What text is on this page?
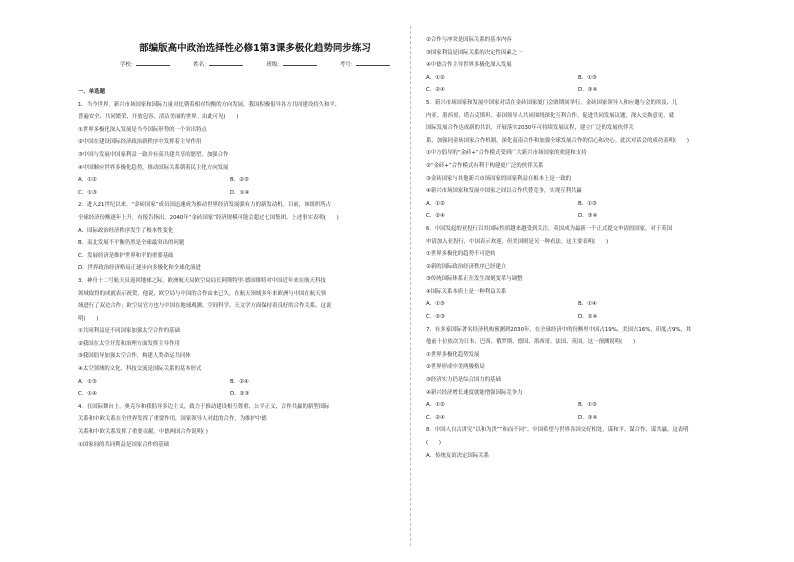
部编版高中政治选择性必修1第3课多极化趋势同步练习
学校：	姓名：	班级：	考号：
一、单选题
1．当今世界，新兴市场国家和国际力量对比朝着相对均衡的方向发展，我国积极倡导各方共同建设持久和平、
普遍安全、共同繁荣、开放包容、清洁美丽的世界。由此可见(　　)
①世界多极化深入发展是当今国际形势的一个突出特点
②中国在建设国际经济政治新秩序中发挥着主导作用
③中国与发展中国家利益一致并有高共建共享的愿望，加强合作
④中国顺应世界多极化趋势，推动国际关系朝着民主化方向发展
A．①②	B．②③
C．①③	D．①④
2．进入21世纪以来，“金砖国家”成员国迅速成为推动世界经济发展强有力的新发动机。目前，该组织所占
全球经济份额逐年上升。有报告指出，2040年“金砖国家”经济规模可能会超过七国集团。上述事实表明(　　)
A．国际政治经济秩序发生了根本性变化
B．南北发展不平衡仍然是全球最突出的问题
C．发展经济是维护世界和平的重要基础
D．世界政治经济格局正逐步向多极化和全球化演进
3．神舟十二号航天员返回地球之际，欧洲航天局欧空局局长阿斯特里·德国维特对中国近年来在航天科技
领域取得的成就表示祝贺，他说，欧空局与中国的合作由来已久，在航天领域多年来欧洲与中国在航天领
域进行了双边合作；欧空局官方也与中国在地球观测、空间科学、天文学方面保持着良好的合作关系。这说
明(　　)
①共同利益是不同国家加强太空合作的基础
②我国在太空开发和治理方面发挥主导作用
③我国倡导加强太空合作，构建人类命运共同体
④太空领域的文化、科技交流是国际关系的基本形式
A．①③	B．②④
C．①④	D．②③
4．在国际舞台上，奥克尔和我倡导多边主义，致力于推动建设相互尊重、公平正义、合作共赢的新型国际
关系和中欧关系在全世界发挥了重要作用，国家领导人对此的合作，为维护中德
关系和中欧关系发挥了重要贡献。中德两国合作说明( )
①国家间的共同利益是国家合作的基础
②合作与冲突是国际关系的基本内容
③国家利益是国际关系的决定性因素之一
④中德合作主导世界多极化深入发展
A．①②	B．①③
C．②④	D．③④
5．新兴市场国家和发展中国家对话在金砖国家厦门会晤期间举行。金砖国家领导人和应邀与会的埃及、几
内亚、墨西哥、塔吉克斯坦、泰国领导人共同围绕深化互利合作、促进共同发展议题，深入交换意见，就
国际发展合作达成新的共识，开展落实2030年可持续发展议程，建立广泛的发展伙伴关
系，加强同金砖国家合作机制，深化南南合作和加强全球发展合作的信心和决心。此次对话会的成功表明(　　)
①中方倡导的“金砖+”合作模式受到广大新兴市场国家的欢迎和支持
②“金砖+”合作模式有利于构建更广泛的伙伴关系
③金砖国家与其他新兴市场国家的国家利益在根本上是一致的
④新兴市场国家和发展中国家之间以合作代替竞争，实现互利共赢
A．①②	B．①③
C．②④	D．③④
6．中国发起的亚投行以其国际性质越来越受到关注，英国成为最新一个正式提交申请的国家。对于英国
申请加入亚投行，中国表示欢迎，但美国则是另一种看法。这主要表明(　　)
①世界多极化的趋势不可逆转
②新的国际政治经济秩序已经建立
③传统国际体系正在发生深刻变革与调整
④国际关系本质上是一种利益关系
A．①③	B．①④
C．②③	D．②④
7．有多家国际著名经济机构预测到2030年，在全球经济中的份额里中国占19%，美国占16%，印度占9%，其
他前十位依次为日本、巴西、俄罗斯、德国、墨西哥、法国、英国。这一预测说明(　　)
①世界多极化趋势发展
②世界形成中美两极格局
③经济实力仍是综合国力的基础
④新兴经济增长速度就能增强国际竞争力
A．①②	B．①③
C．②④	D．③④
8．中国人自古讲究“以和为贵”“和而不同”。中国希望与世界各国交好相处，谋和平、谋合作、谋共赢。这表明
(　　)
A．传统友谊决定国际关系
